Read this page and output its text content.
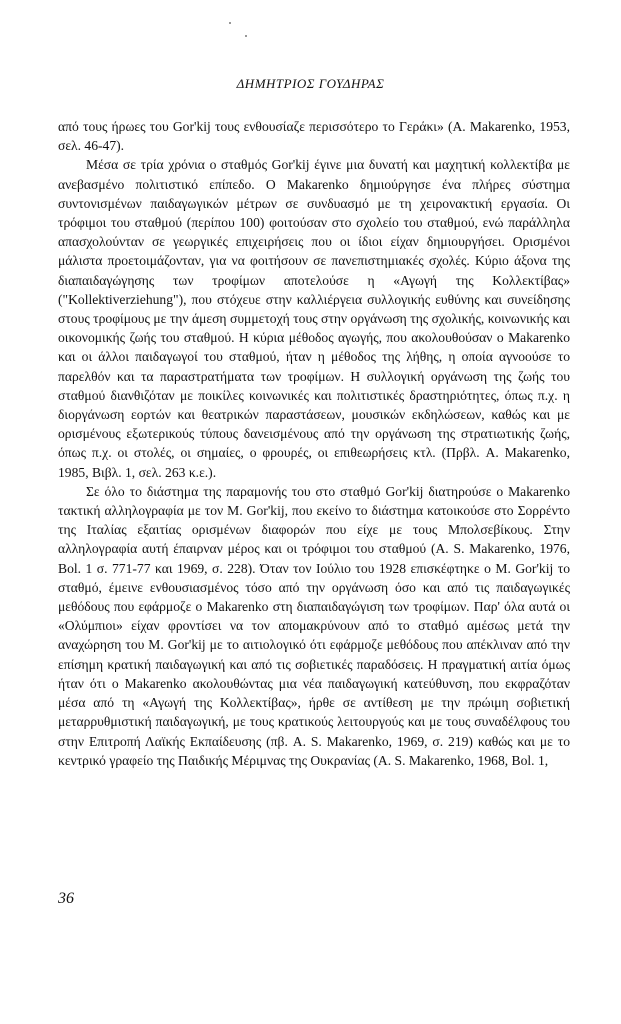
ΔΗΜΗΤΡΙΟΣ ΓΟΥΔΗΡΑΣ

από τους ήρωες του Gor'kij τους ενθουσίαζε περισσότερο το Γεράκι» (A. Makarenko, 1953, σελ. 46-47).

Μέσα σε τρία χρόνια ο σταθμός Gor'kij έγινε μια δυνατή και μαχητική κολλεκτίβα με ανεβασμένο πολιτιστικό επίπεδο. Ο Makarenko δημιούργησε ένα πλήρες σύστημα συντονισμένων παιδαγωγικών μέτρων σε συνδυασμό με τη χειρονακτική εργασία. Οι τρόφιμοι του σταθμού (περίπου 100) φοιτούσαν στο σχολείο του σταθμού, ενώ παράλληλα απασχολούνταν σε γεωργικές επιχειρήσεις που οι ίδιοι είχαν δημιουργήσει. Ορισμένοι μάλιστα προετοιμάζονταν, για να φοιτήσουν σε πανεπιστημιακές σχολές. Κύριο άξονα της διαπαιδαγώγησης των τροφίμων αποτελούσε η «Αγωγή της Κολλεκτίβας» ("Kollektiverziehung"), που στόχευε στην καλλιέργεια συλλογικής ευθύνης και συνείδησης στους τροφίμους με την άμεση συμμετοχή τους στην οργάνωση της σχολικής, κοινωνικής και οικονομικής ζωής του σταθμού. Η κύρια μέθοδος αγωγής, που ακολουθούσαν ο Makarenko και οι άλλοι παιδαγωγοί του σταθμού, ήταν η μέθοδος της λήθης, η οποία αγνοούσε το παρελθόν και τα παραστρατήματα των τροφίμων. Η συλλογική οργάνωση της ζωής του σταθμού διανθιζόταν με ποικίλες κοινωνικές και πολιτιστικές δραστηριότητες, όπως π.χ. η διοργάνωση εορτών και θεατρικών παραστάσεων, μουσικών εκδηλώσεων, καθώς και με ορισμένους εξωτερικούς τύπους δανεισμένους από την οργάνωση της στρατιωτικής ζωής, όπως π.χ. οι στολές, οι σημαίες, ο φρουρές, οι επιθεωρήσεις κτλ. (Πρβλ. A. Makarenko, 1985, Βιβλ. 1, σελ. 263 κ.ε.).

Σε όλο το διάστημα της παραμονής του στο σταθμό Gor'kij διατηρούσε ο Makarenko τακτική αλληλογραφία με τον M. Gor'kij, που εκείνο το διάστημα κατοικούσε στο Σορρέντο της Ιταλίας εξαιτίας ορισμένων διαφορών που είχε με τους Μπολσεβίκους. Στην αλληλογραφία αυτή έπαιρναν μέρος και οι τρόφιμοι του σταθμού (A. S. Makarenko, 1976, Bol. 1 σ. 771-77 και 1969, σ. 228). Όταν τον Ιούλιο του 1928 επισκέφτηκε ο M. Gor'kij το σταθμό, έμεινε ενθουσιασμένος τόσο από την οργάνωση όσο και από τις παιδαγωγικές μεθόδους που εφάρμοζε ο Makarenko στη διαπαιδαγώγιση των τροφίμων. Παρ' όλα αυτά οι «Ολύμπιοι» είχαν φροντίσει να τον απομακρύνουν από το σταθμό αμέσως μετά την αναχώρηση του M. Gor'kij με το αιτιολογικό ότι εφάρμοζε μεθόδους που απέκλιναν από την επίσημη κρατική παιδαγωγική και από τις σοβιετικές παραδόσεις. Η πραγματική αιτία όμως ήταν ότι ο Makarenko ακολουθώντας μια νέα παιδαγωγική κατεύθυνση, που εκφραζόταν μέσα από τη «Αγωγή της Κολλεκτίβας», ήρθε σε αντίθεση με την πρώιμη σοβιετική μεταρρυθμιστική παιδαγωγική, με τους κρατικούς λειτουργούς και με τους συναδέλφους του στην Επιτροπή Λαϊκής Εκπαίδευσης (πβ. A. S. Makarenko, 1969, σ. 219) καθώς και με το κεντρικό γραφείο της Παιδικής Μέριμνας της Ουκρανίας (A. S. Makarenko, 1968, Bol. 1,

36
